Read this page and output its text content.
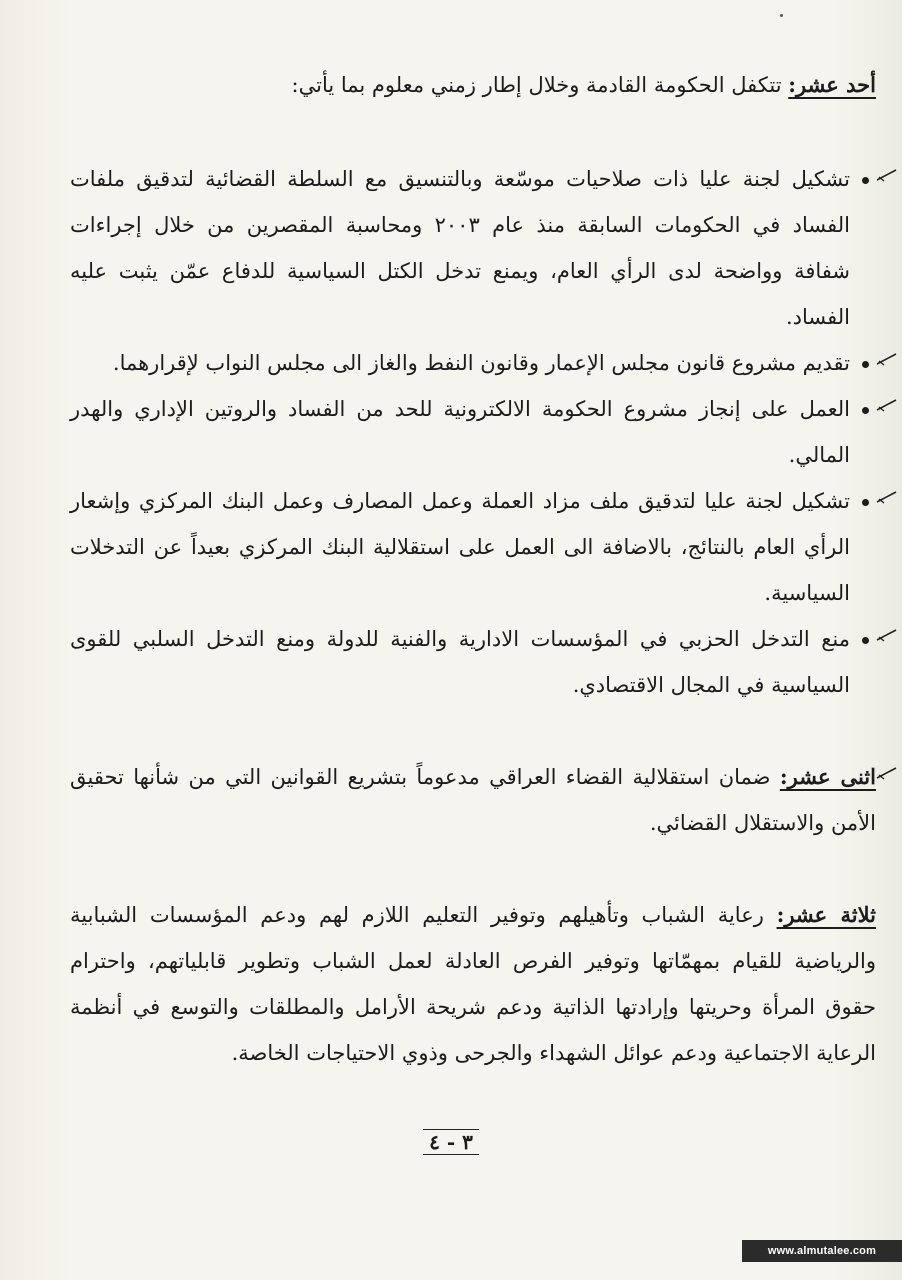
أحد عشر: تتكفل الحكومة القادمة وخلال إطار زمني معلوم بما يأتي:

تشكيل لجنة عليا ذات صلاحيات موسّعة وبالتنسيق مع السلطة القضائية لتدقيق ملفات الفساد في الحكومات السابقة منذ عام ٢٠٠٣ ومحاسبة المقصرين من خلال إجراءات شفافة وواضحة لدى الرأي العام، ويمنع تدخل الكتل السياسية للدفاع عمّن يثبت عليه الفساد.
تقديم مشروع قانون مجلس الإعمار وقانون النفط والغاز الى مجلس النواب لإقرارهما.
العمل على إنجاز مشروع الحكومة الالكترونية للحد من الفساد والروتين الإداري والهدر المالي.
تشكيل لجنة عليا لتدقيق ملف مزاد العملة وعمل المصارف وعمل البنك المركزي وإشعار الرأي العام بالنتائج، بالاضافة الى العمل على استقلالية البنك المركزي بعيداً عن التدخلات السياسية.
منع التدخل الحزبي في المؤسسات الادارية والفنية للدولة ومنع التدخل السلبي للقوى السياسية في المجال الاقتصادي.

اثنى عشر: ضمان استقلالية القضاء العراقي مدعوماً بتشريع القوانين التي من شأنها تحقيق الأمن والاستقلال القضائي.

ثلاثة عشر: رعاية الشباب وتأهيلهم وتوفير التعليم اللازم لهم ودعم المؤسسات الشبابية والرياضية للقيام بمهمّاتها وتوفير الفرص العادلة لعمل الشباب وتطوير قابلياتهم، واحترام حقوق المرأة وحريتها وإرادتها الذاتية ودعم شريحة الأرامل والمطلقات والتوسع في أنظمة الرعاية الاجتماعية ودعم عوائل الشهداء والجرحى وذوي الاحتياجات الخاصة.

٣ - ٤
www.almutalee.com
